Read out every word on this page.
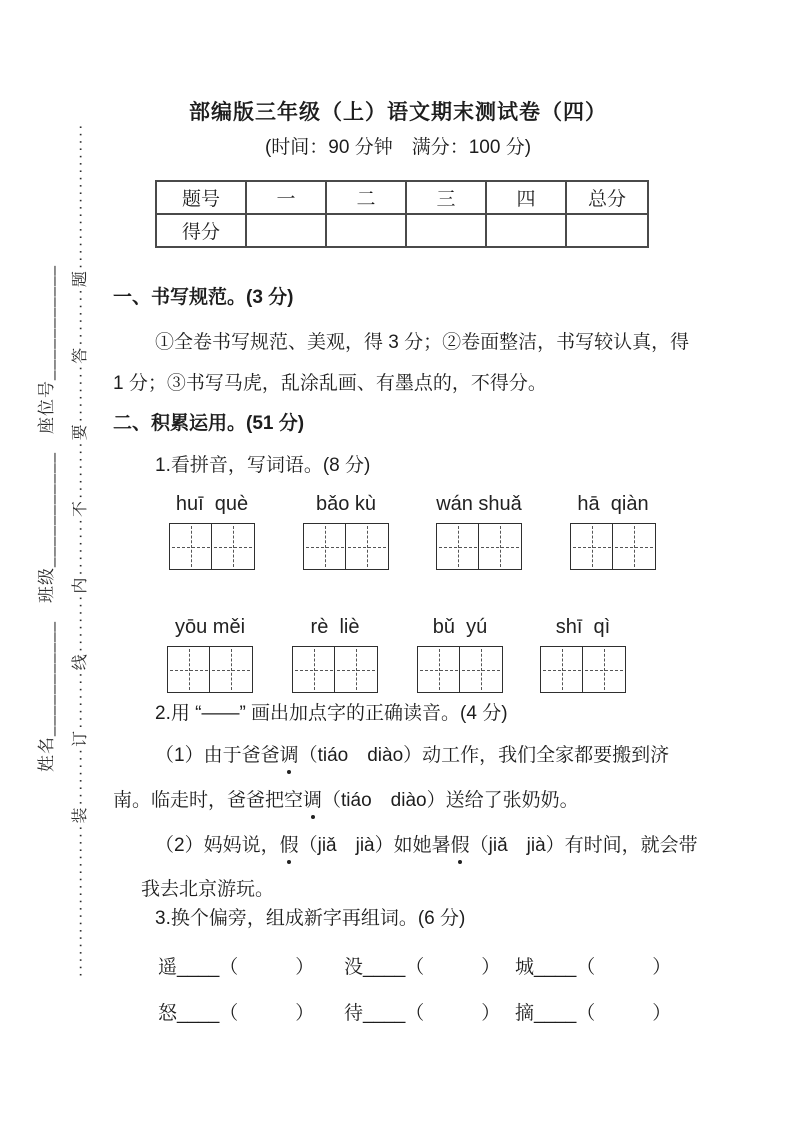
·····················装········订········线········内········不········要········答········题····················
姓名___________　班级___________　座位号___________
部编版三年级（上）语文期末测试卷（四）
(时间：90 分钟　满分：100 分)
题号	一	二	三	四	总分
得分					
一、书写规范。(3 分)
①全卷书写规范、美观，得 3 分；②卷面整洁，书写较认真，得
1 分；③书写马虎，乱涂乱画、有墨点的，不得分。
二、积累运用。(51 分)
1.看拼音，写词语。(8 分)
huī  què	bǎo kù	wán shuǎ	hā  qiàn
yōu měi	rè  liè	bǔ  yú	shī  qì
2.用 “——” 画出加点字的正确读音。(4 分)
（1）由于爸爸调（tiáo　diào）动工作，我们全家都要搬到济
南。临走时，爸爸把空调（tiáo　diào）送给了张奶奶。
（2）妈妈说，假（jiǎ　jià）如她暑假（jiǎ　jià）有时间，就会带
我去北京游玩。
3.换个偏旁，组成新字再组词。(6 分)
遥____（　　　） 没____（　　　） 城____（　　　）
怒____（　　　） 待____（　　　） 摘____（　　　）
